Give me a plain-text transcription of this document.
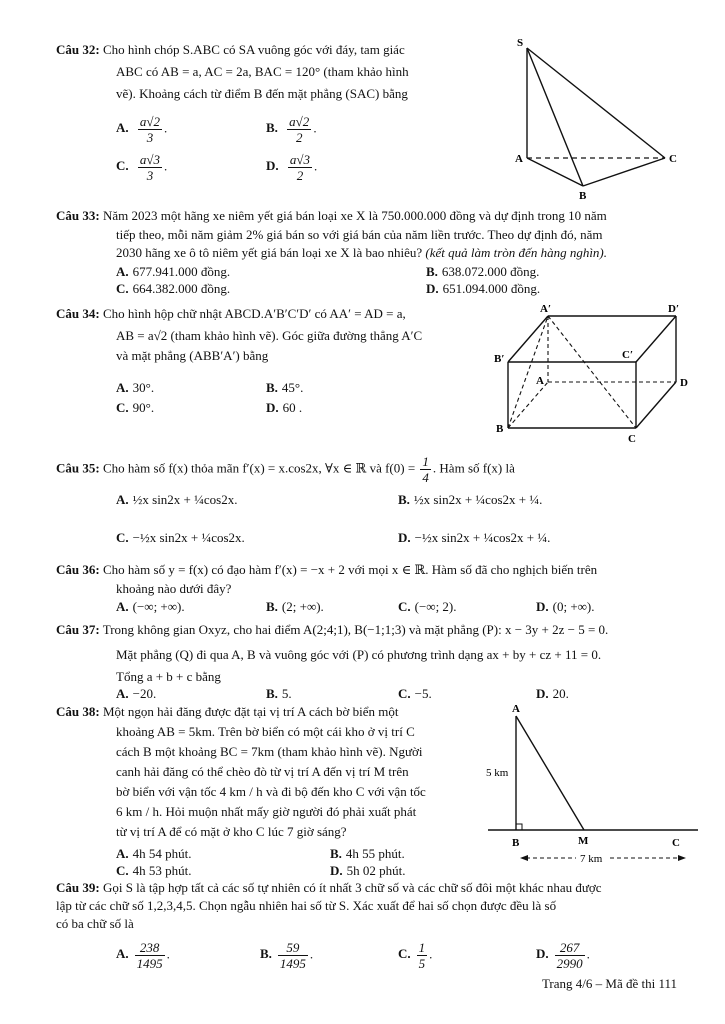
Câu 32: Cho hình chóp S.ABC có SA vuông góc với đáy, tam giác
ABC có AB = a, AC = 2a, BAC = 120° (tham khảo hình
vẽ). Khoảng cách từ điểm B đến mặt phẳng (SAC) bằng
A. $\frac{a√2}{3}$ .	B. $\frac{a√2}{2}$ .
C. $\frac{a√3}{3}$ .	D. $\frac{a√3}{2}$ .
S
A
B
C
Câu 33: Năm 2023 một hãng xe niêm yết giá bán loại xe X là 750.000.000 đồng và dự định trong 10 năm
tiếp theo, mỗi năm giảm 2% giá bán so với giá bán của năm liền trước. Theo dự định đó, năm
2030 hãng xe ô tô niêm yết giá bán loại xe X là bao nhiêu? (kết quả làm tròn đến hàng nghìn).
A. 677.941.000 đồng.	B. 638.072.000 đồng.
C. 664.382.000 đồng.	D. 651.094.000 đồng.
Câu 34: Cho hình hộp chữ nhật ABCD.A′B′C′D′ có AA′ = AD = a,
AB = a√2 (tham khảo hình vẽ). Góc giữa đường thẳng A′C
và mặt phẳng (ABB′A′) bằng
A. 30°.	B. 45°.
C. 90°.	D. 60 .
A′	D′
B′	C′
A	D
B
C
Câu 35: Cho hàm số f(x) thỏa mãn f′(x) = x.cos2x, ∀x ∈ ℝ và $f(0) = \frac{1}{4}$ . Hàm số f(x) là
A. ½x sin2x + ¼cos2x.	B. ½x sin2x + ¼cos2x + ¼.
C. −½x sin2x + ¼cos2x.	D. −½x sin2x + ¼cos2x + ¼.
Câu 36: Cho hàm số y = f(x) có đạo hàm f′(x) = −x + 2 với mọi x ∈ ℝ. Hàm số đã cho nghịch biến trên
khoảng nào dưới đây?
A. (−∞; +∞).	B. (2; +∞).	C. (−∞; 2).	D. (0; +∞).
Câu 37: Trong không gian Oxyz, cho hai điểm A(2;4;1), B(−1;1;3) và mặt phẳng (P): x − 3y + 2z − 5 = 0.
Mặt phẳng (Q) đi qua A, B và vuông góc với (P) có phương trình dạng ax + by + cz + 11 = 0.
Tổng a + b + c bằng
A. −20.	B. 5.	C. −5.	D. 20.
Câu 38: Một ngọn hải đăng được đặt tại vị trí A cách bờ biển một
khoảng AB = 5km. Trên bờ biển có một cái kho ở vị trí C
cách B một khoảng BC = 7km (tham khảo hình vẽ). Người
canh hải đăng có thể chèo đò từ vị trí A đến vị trí M trên
bờ biển với vận tốc 4 km / h và đi bộ đến kho C với vận tốc
6 km / h. Hỏi muộn nhất mấy giờ người đó phải xuất phát
từ vị trí A để có mặt ở kho C lúc 7 giờ sáng?
A. 4h 54 phút.	B. 4h 55 phút.
C. 4h 53 phút.	D. 5h 02 phút.
A
B	M	C
5 km
7 km
Câu 39: Gọi S là tập hợp tất cả các số tự nhiên có ít nhất 3 chữ số và các chữ số đôi một khác nhau được
lập từ các chữ số 1,2,3,4,5. Chọn ngẫu nhiên hai số từ S. Xác xuất để hai số chọn được đều là số
có ba chữ số là
A. $\frac{238}{1495}$ .	B. $\frac{59}{1495}$ .	C. $\frac{1}{5}$ .	D. $\frac{267}{2990}$ .
Trang 4/6 – Mã đề thi 111
